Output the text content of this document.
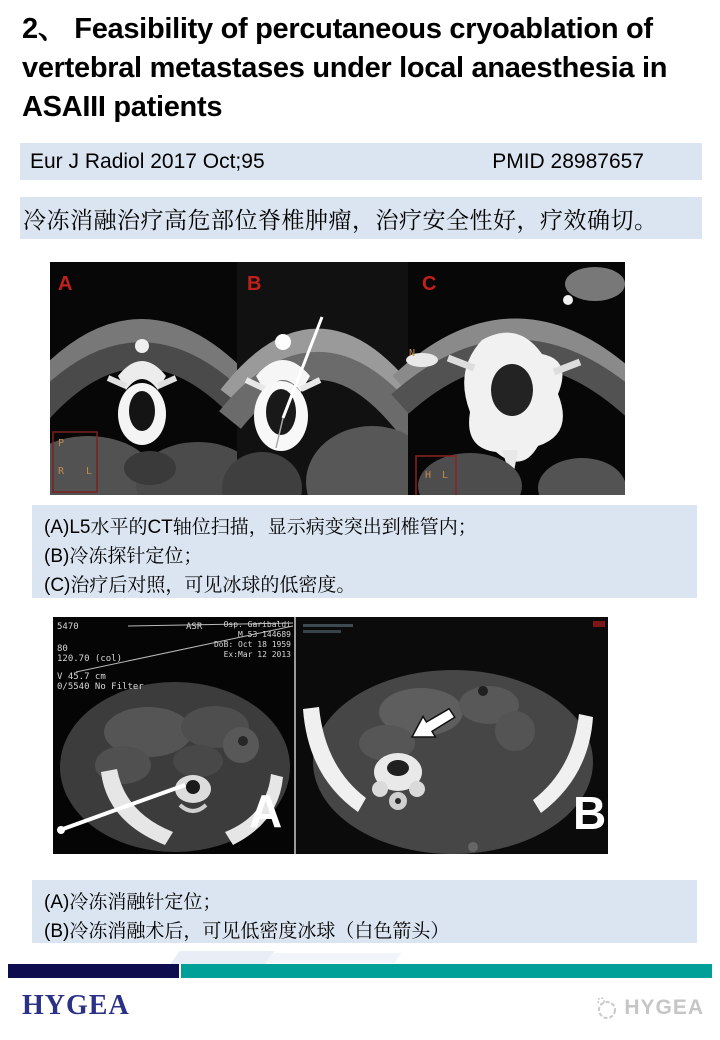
2、 Feasibility of percutaneous cryoablation of vertebral metastases under local anaesthesia in ASAIII patients
Eur J Radiol 2017 Oct;95	PMID 28987657
冷冻消融治疗高危部位脊椎肿瘤，治疗安全性好，疗效确切。
P
R L
A	B
N
H L
C
(A)L5水平的CT轴位扫描，显示病变突出到椎管内；
(B)冷冻探针定位；
(C)治疗后对照，可见冰球的低密度。
5470
80
120.70 (col)
V 45.7 cm
0/5540 No Filter
ASR	Osp. Garibaldi
M 53 144689
DoB: Oct 18 1959
Ex:Mar 12 2013
A	B
(A)冷冻消融针定位；
(B)冷冻消融术后，可见低密度冰球（白色箭头）
HYGEA	HYGEA
